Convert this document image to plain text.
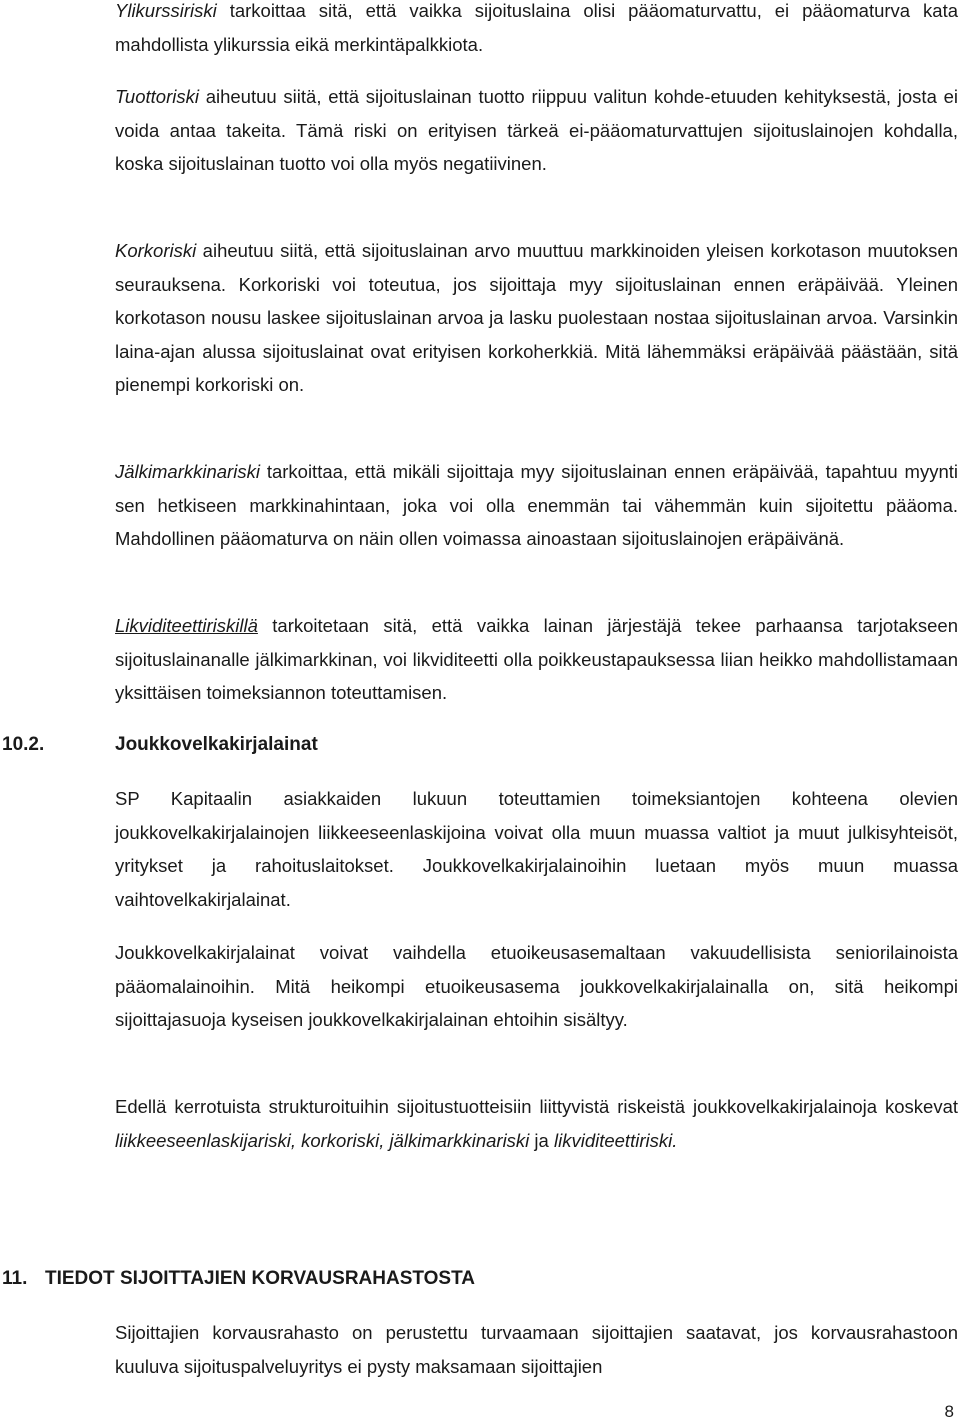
Ylikurssiriski tarkoittaa sitä, että vaikka sijoituslaina olisi pääomaturvattu, ei pääomaturva kata mahdollista ylikurssia eikä merkintäpalkkiota.

Tuottoriski aiheutuu siitä, että sijoituslainan tuotto riippuu valitun kohde-etuuden kehityksestä, josta ei voida antaa takeita. Tämä riski on erityisen tärkeä ei-pääomaturvattujen sijoituslainojen kohdalla, koska sijoituslainan tuotto voi olla myös negatiivinen.

Korkoriski aiheutuu siitä, että sijoituslainan arvo muuttuu markkinoiden yleisen korkotason muutoksen seurauksena. Korkoriski voi toteutua, jos sijoittaja myy sijoituslainan ennen eräpäivää. Yleinen korkotason nousu laskee sijoituslainan arvoa ja lasku puolestaan nostaa sijoituslainan arvoa. Varsinkin laina-ajan alussa sijoituslainat ovat erityisen korkoherkkiä. Mitä lähemmäksi eräpäivää päästään, sitä pienempi korkoriski on.

Jälkimarkkinariski tarkoittaa, että mikäli sijoittaja myy sijoituslainan ennen eräpäivää, tapahtuu myynti sen hetkiseen markkinahintaan, joka voi olla enemmän tai vähemmän kuin sijoitettu pääoma. Mahdollinen pääomaturva on näin ollen voimassa ainoastaan sijoituslainojen eräpäivänä.

Likviditeettiriskillä tarkoitetaan sitä, että vaikka lainan järjestäjä tekee parhaansa tarjotakseen sijoituslainanalle jälkimarkkinan, voi likviditeetti olla poikkeustapauksessa liian heikko mahdollistamaan yksittäisen toimeksiannon toteuttamisen.

10.2.	Joukkovelkakirjalainat

SP Kapitaalin asiakkaiden lukuun toteuttamien toimeksiantojen kohteena olevien joukkovelkakirjalainojen liikkeeseenlaskijoina voivat olla muun muassa valtiot ja muut julkisyhteisöt, yritykset ja rahoituslaitokset. Joukkovelkakirjalainoihin luetaan myös muun muassa vaihtovelkakirjalainat.

Joukkovelkakirjalainat voivat vaihdella etuoikeusasemaltaan vakuudellisista seniorilainoista pääomalainoihin. Mitä heikompi etuoikeusasema joukkovelkakirjalainalla on, sitä heikompi sijoittajasuoja kyseisen joukkovelkakirjalainan ehtoihin sisältyy.

Edellä kerrotuista strukturoituihin sijoitustuotteisiin liittyvistä riskeistä joukkovelkakirjalainoja koskevat liikkeeseenlaskijariski, korkoriski, jälkimarkkinariski ja likviditeettiriski.

11. TIEDOT SIJOITTAJIEN KORVAUSRAHASTOSTA

Sijoittajien korvausrahasto on perustettu turvaamaan sijoittajien saatavat, jos korvausrahastoon kuuluva sijoituspalveluyritys ei pysty maksamaan sijoittajien

8
